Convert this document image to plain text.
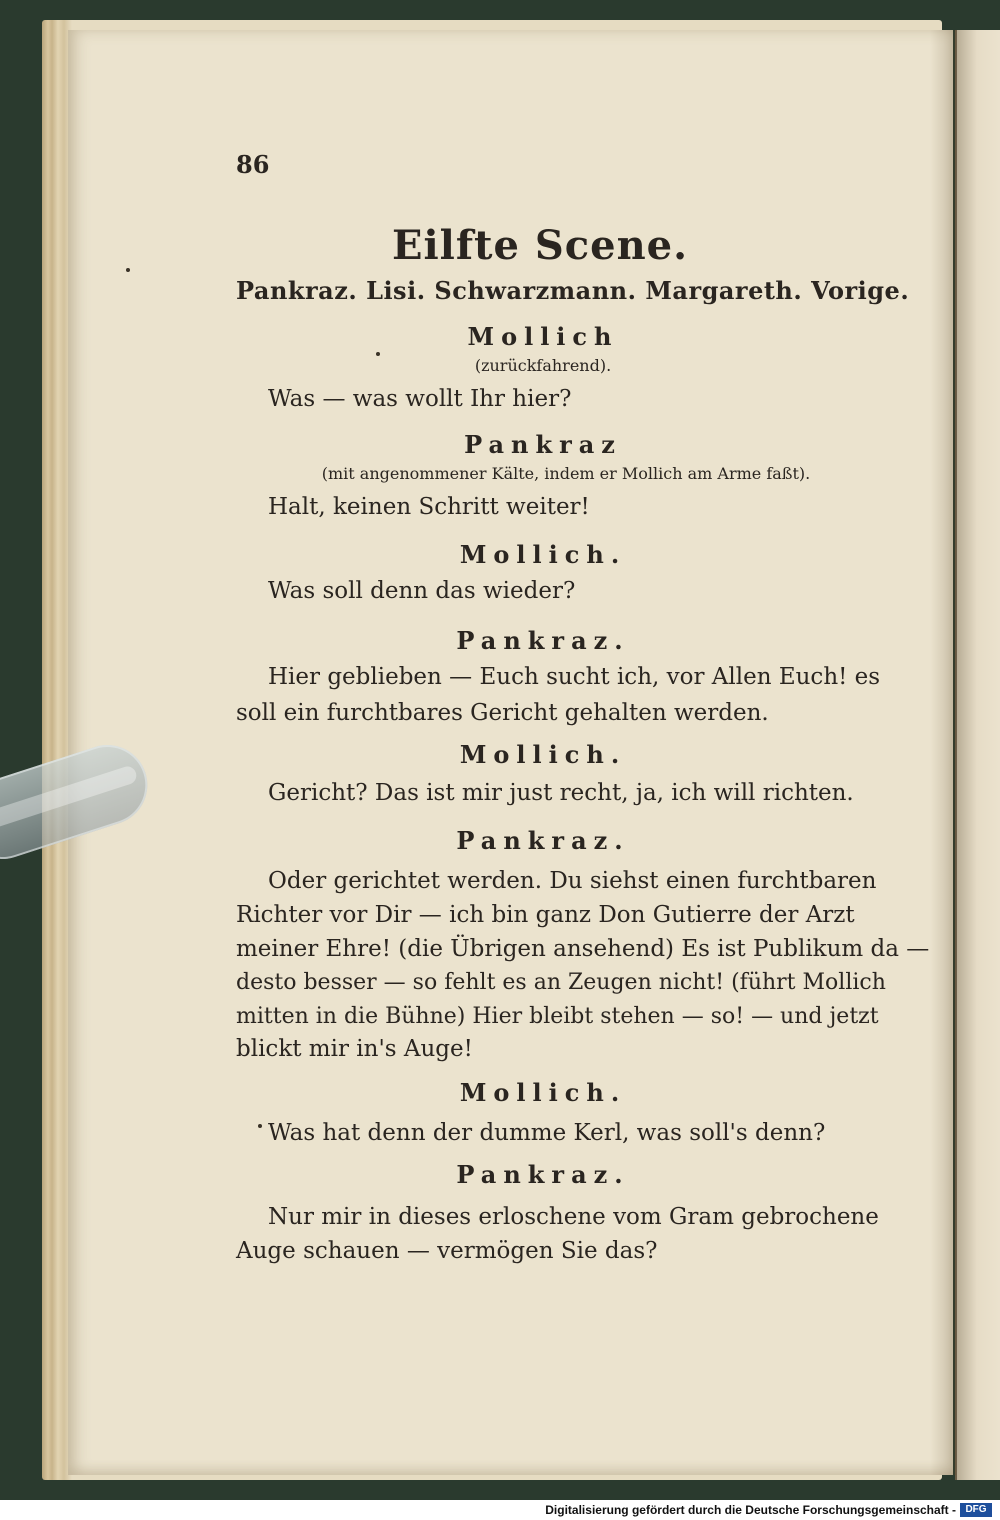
86
Eilfte Scene.
Pankraz. Lisi. Schwarzmann. Margareth. Vorige.
Mollich
(zurückfahrend).
Was — was wollt Ihr hier?
Pankraz
(mit angenommener Kälte, indem er Mollich am Arme faßt).
Halt, keinen Schritt weiter!
Mollich.
Was soll denn das wieder?
Pankraz.
Hier geblieben — Euch sucht ich, vor Allen Euch! es
soll ein furchtbares Gericht gehalten werden.
Mollich.
Gericht? Das ist mir just recht, ja, ich will richten.
Pankraz.
Oder gerichtet werden. Du siehst einen furchtbaren
Richter vor Dir — ich bin ganz Don Gutierre der Arzt
meiner Ehre! (die Übrigen ansehend) Es ist Publikum da —
desto besser — so fehlt es an Zeugen nicht! (führt Mollich
mitten in die Bühne) Hier bleibt stehen — so! — und jetzt
blickt mir in's Auge!
Mollich.
Was hat denn der dumme Kerl, was soll's denn?
Pankraz.
Nur mir in dieses erloschene vom Gram gebrochene
Auge schauen — vermögen Sie das?
Digitalisierung gefördert durch die Deutsche Forschungsgemeinschaft - DFG
